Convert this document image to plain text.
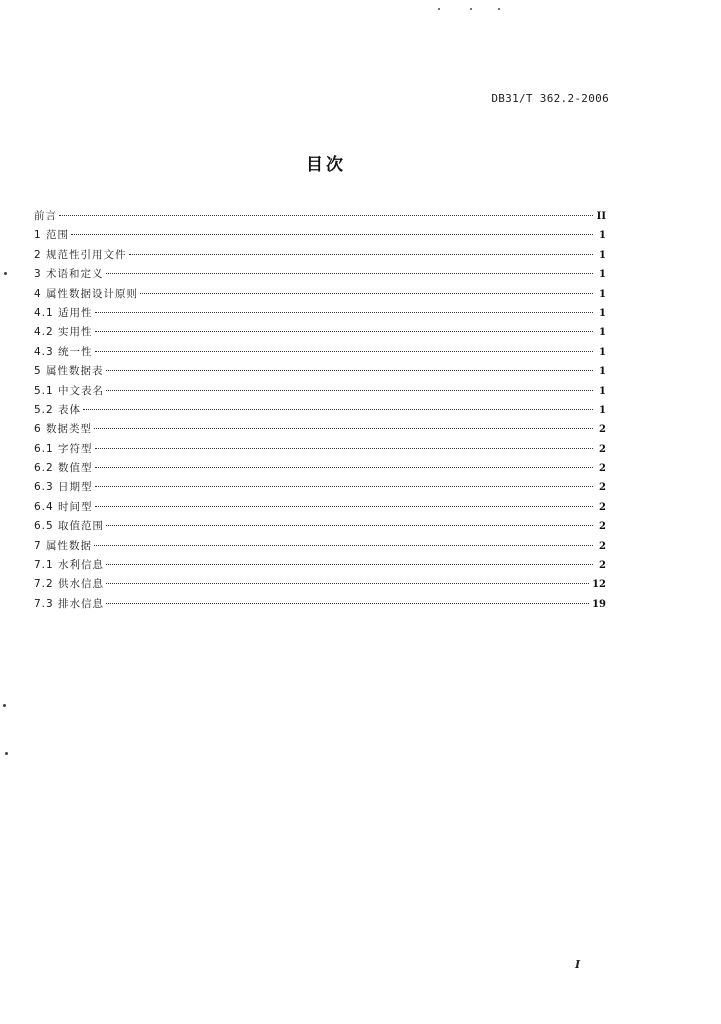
DB31/T 362.2-2006
目次
前言	II
1 范围	1
2 规范性引用文件	1
3 术语和定义	1
4 属性数据设计原则	1
4.1 适用性	1
4.2 实用性	1
4.3 统一性	1
5 属性数据表	1
5.1 中文表名	1
5.2 表体	1
6 数据类型	2
6.1 字符型	2
6.2 数值型	2
6.3 日期型	2
6.4 时间型	2
6.5 取值范围	2
7 属性数据	2
7.1 水利信息	2
7.2 供水信息	12
7.3 排水信息	19
I
